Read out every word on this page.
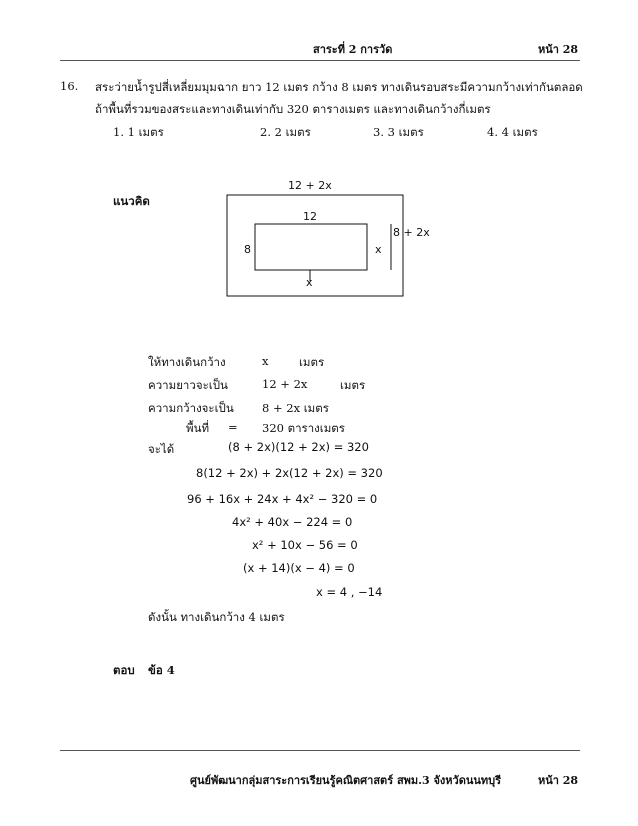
สาระที่ 2 การวัด	หน้า 28
16. สระว่ายน้ำรูปสี่เหลี่ยมมุมฉาก ยาว 12 เมตร กว้าง 8 เมตร ทางเดินรอบสระมีความกว้างเท่ากันตลอด
ถ้าพื้นที่รวมของสระและทางเดินเท่ากับ 320 ตารางเมตร และทางเดินกว้างกี่เมตร
1. 1 เมตร	2. 2 เมตร	3. 3 เมตร	4. 4 เมตร
แนวคิด
12 + 2x
12
8 + 2x
8	x
x
ให้ทางเดินกว้าง	x	เมตร
ความยาวจะเป็น	12 + 2x	เมตร
ความกว้างจะเป็น 8 + 2x เมตร
พื้นที่ = 320 ตารางเมตร
จะได้	(8 + 2x)(12 + 2x) = 320
8(12 + 2x) + 2x(12 + 2x) = 320
96 + 16x + 24x + 4x² − 320 = 0
4x² + 40x − 224 = 0
x² + 10x − 56 = 0
(x + 14)(x − 4) = 0
x = 4 , −14
ดังนั้น ทางเดินกว้าง 4 เมตร
ตอบ ข้อ 4
ศูนย์พัฒนากลุ่มสาระการเรียนรู้คณิตศาสตร์ สพม.3 จังหวัดนนทบุรี	หน้า 28
